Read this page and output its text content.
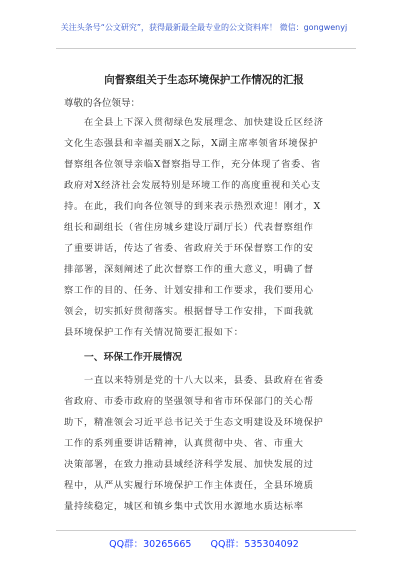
关注头条号“公文研究”，获得最新最全最专业的公文资料库！ 微信：gongwenyj
向督察组关于生态环境保护工作情况的汇报
尊敬的各位领导：
在全县上下深入贯彻绿色发展理念、加快建设丘区经济
文化生态强县和幸福美丽X之际，X副主席率领省环境保护
督察组各位领导亲临X督察指导工作，充分体现了省委、省
政府对X经济社会发展特别是环境工作的高度重视和关心支
持。在此，我们向各位领导的到来表示热烈欢迎！刚才，X
组长和副组长（省住房城乡建设厅副厅长）代表督察组作
了重要讲话，传达了省委、省政府关于环保督察工作的安
排部署，深刻阐述了此次督察工作的重大意义，明确了督
察工作的目的、任务、计划安排和工作要求，我们要用心
领会，切实抓好贯彻落实。根据督导工作安排，下面我就
县环境保护工作有关情况简要汇报如下：
一、环保工作开展情况
一直以来特别是党的十八大以来，县委、县政府在省委
省政府、市委市政府的坚强领导和省市环保部门的关心帮
助下，精准领会习近平总书记关于生态文明建设及环境保护
工作的系列重要讲话精神，认真贯彻中央、省、市重大
决策部署，在致力推动县域经济科学发展、加快发展的过
程中，从严从实履行环境保护工作主体责任，全县环境质
量持续稳定，城区和镇乡集中式饮用水源地水质达标率
QQ群：30265665　　QQ群：535304092
